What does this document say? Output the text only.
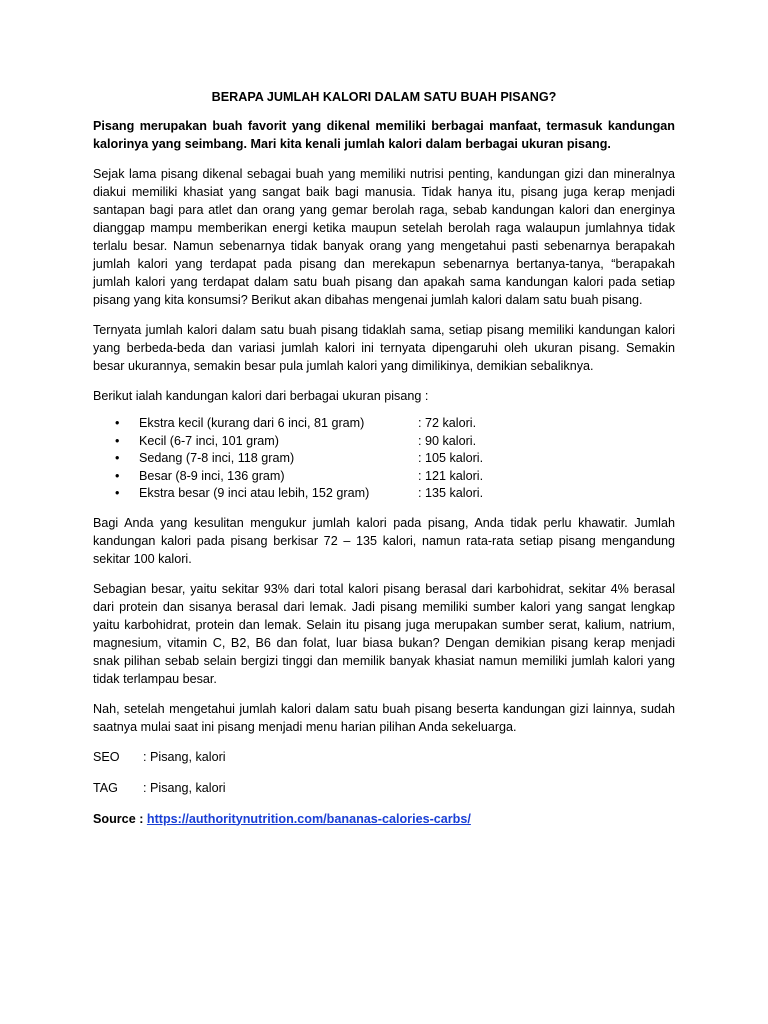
BERAPA JUMLAH KALORI DALAM SATU BUAH PISANG?
Pisang merupakan buah favorit yang dikenal memiliki berbagai manfaat, termasuk kandungan kalorinya yang seimbang. Mari kita kenali jumlah kalori dalam berbagai ukuran pisang.
Sejak lama pisang dikenal sebagai buah yang memiliki nutrisi penting, kandungan gizi dan mineralnya diakui memiliki khasiat yang sangat baik bagi manusia. Tidak hanya itu, pisang juga kerap menjadi santapan bagi para atlet dan orang yang gemar berolah raga, sebab kandungan kalori dan energinya dianggap mampu memberikan energi ketika maupun setelah berolah raga walaupun jumlahnya tidak terlalu besar. Namun sebenarnya tidak banyak orang yang mengetahui pasti sebenarnya berapakah jumlah kalori yang terdapat pada pisang dan merekapun sebenarnya bertanya-tanya, “berapakah jumlah kalori yang terdapat dalam satu buah pisang dan apakah sama kandungan kalori pada setiap pisang yang kita konsumsi? Berikut akan dibahas mengenai jumlah kalori dalam satu buah pisang.
Ternyata jumlah kalori dalam satu buah pisang tidaklah sama, setiap pisang memiliki kandungan kalori yang berbeda-beda dan variasi jumlah kalori ini ternyata dipengaruhi oleh ukuran pisang. Semakin besar ukurannya, semakin besar pula jumlah kalori yang dimilikinya, demikian sebaliknya.
Berikut ialah kandungan kalori dari berbagai ukuran pisang :
• Ekstra kecil (kurang dari 6 inci, 81 gram)	: 72 kalori.
• Kecil (6-7 inci, 101 gram)	: 90 kalori.
• Sedang (7-8 inci, 118 gram)	: 105 kalori.
• Besar (8-9 inci, 136 gram)	: 121 kalori.
• Ekstra besar (9 inci atau lebih, 152 gram)	: 135 kalori.
Bagi Anda yang kesulitan mengukur jumlah kalori pada pisang, Anda tidak perlu khawatir. Jumlah kandungan kalori pada pisang berkisar 72 – 135 kalori, namun rata-rata setiap pisang mengandung sekitar 100 kalori.
Sebagian besar, yaitu sekitar 93% dari total kalori pisang berasal dari karbohidrat, sekitar 4% berasal dari protein dan sisanya berasal dari lemak. Jadi pisang memiliki sumber kalori yang sangat lengkap yaitu karbohidrat, protein dan lemak. Selain itu pisang juga merupakan sumber serat, kalium, natrium, magnesium, vitamin C, B2, B6 dan folat, luar biasa bukan? Dengan demikian pisang kerap menjadi snak pilihan sebab selain bergizi tinggi dan memilik banyak khasiat namun memiliki jumlah kalori yang tidak terlampau besar.
Nah, setelah mengetahui jumlah kalori dalam satu buah pisang beserta kandungan gizi lainnya, sudah saatnya mulai saat ini pisang menjadi menu harian pilihan Anda sekeluarga.
SEO	: Pisang, kalori
TAG	: Pisang, kalori
Source : https://authoritynutrition.com/bananas-calories-carbs/
